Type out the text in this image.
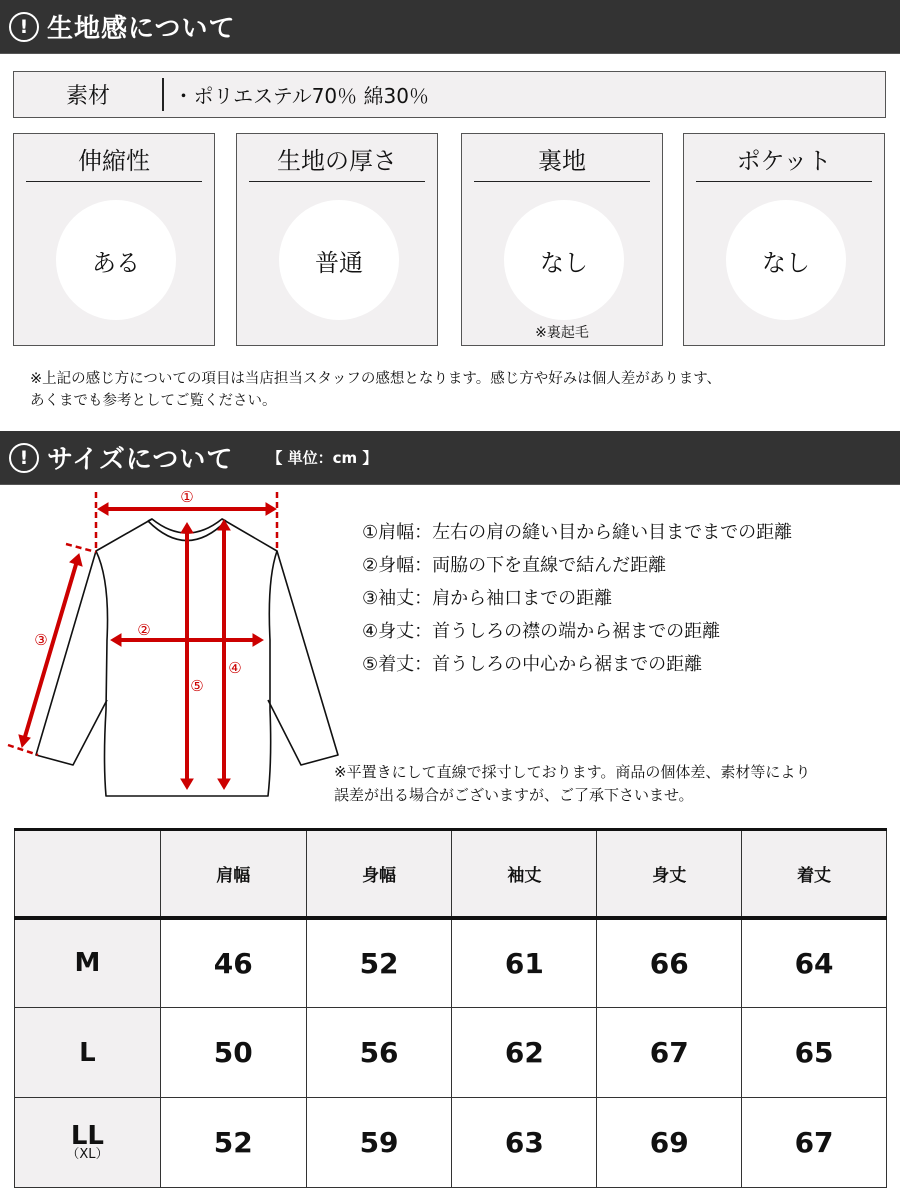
! 生地感について
素材	・ポリエステル70％ 綿30％
伸縮性
ある
生地の厚さ
普通
裏地
なし
※裏起毛
ポケット
なし
※上記の感じ方についての項目は当店担当スタッフの感想となります。感じ方や好みは個人差があります、
あくまでも参考としてご覧ください。
! サイズについて 【 単位：cm 】
①
②
③
④
⑤
①肩幅：左右の肩の縫い目から縫い目までまでの距離
②身幅：両脇の下を直線で結んだ距離
③袖丈：肩から袖口までの距離
④身丈：首うしろの襟の端から裾までの距離
⑤着丈：首うしろの中心から裾までの距離
※平置きにして直線で採寸しております。商品の個体差、素材等により
誤差が出る場合がございますが、ご了承下さいませ。
	肩幅	身幅	袖丈	身丈	着丈

M	46	52	61	66	64

L	50	56	62	67	65

LL
（XL）	52	59	63	69	67
